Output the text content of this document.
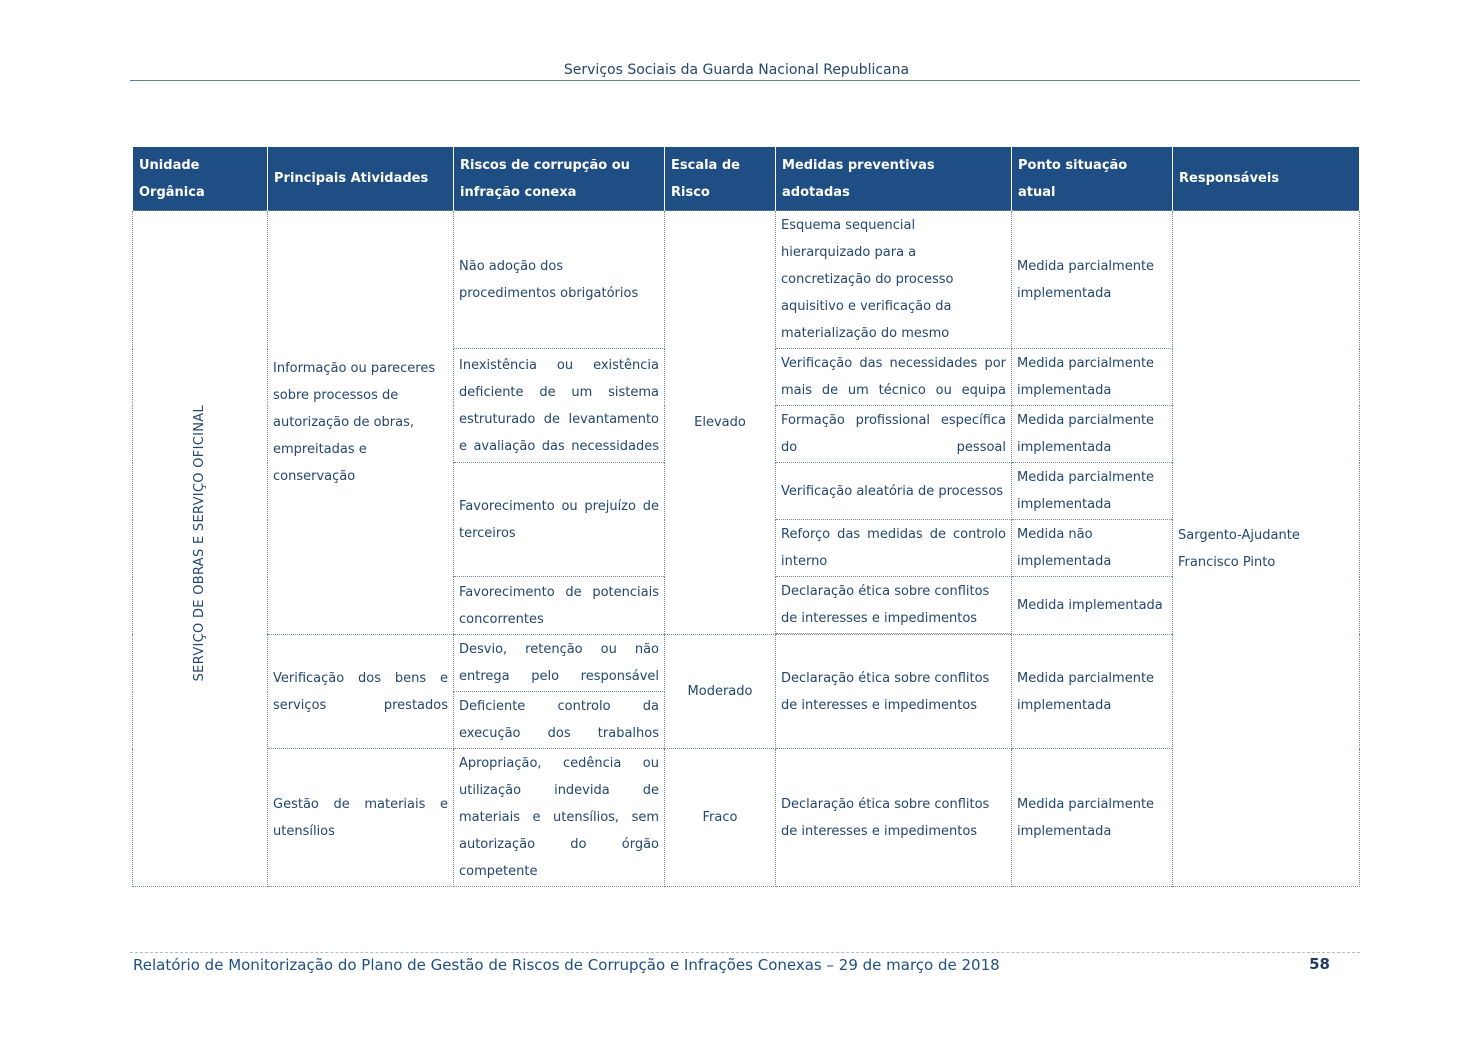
Serviços Sociais da Guarda Nacional Republicana
Unidade Orgânica	Principais Atividades	Riscos de corrupção ou infração conexa	Escala de Risco	Medidas preventivas adotadas	Ponto situação atual	Responsáveis
SERVIÇO DE OBRAS E SERVIÇO OFICINAL	Informação ou pareceres sobre processos de autorização de obras, empreitadas e conservação	Não adoção dos procedimentos obrigatórios	Elevado	Esquema sequencial hierarquizado para a concretização do processo aquisitivo e verificação da materialização do mesmo	Medida parcialmente implementada	Sargento-Ajudante Francisco Pinto
		Inexistência ou existência deficiente de um sistema estruturado de levantamento e avaliação das necessidades		Verificação das necessidades por mais de um técnico ou equipa	Medida parcialmente implementada	
				Formação profissional específica do pessoal	Medida parcialmente implementada	
		Favorecimento ou prejuízo de terceiros		Verificação aleatória de processos	Medida parcialmente implementada	
				Reforço das medidas de controlo interno	Medida não implementada	
		Favorecimento de potenciais concorrentes		Declaração ética sobre conflitos de interesses e impedimentos	Medida implementada	

	Verificação dos bens e serviços prestados	Desvio, retenção ou não entrega pelo responsável	Moderado	Declaração ética sobre conflitos de interesses e impedimentos	Medida parcialmente implementada	
		Deficiente controlo da execução dos trabalhos				
	Gestão de materiais e utensílios	Apropriação, cedência ou utilização indevida de materiais e utensílios, sem autorização do órgão competente	Fraco	Declaração ética sobre conflitos de interesses e impedimentos	Medida parcialmente implementada	
Relatório de Monitorização do Plano de Gestão de Riscos de Corrupção e Infrações Conexas – 29 de março de 2018	58
